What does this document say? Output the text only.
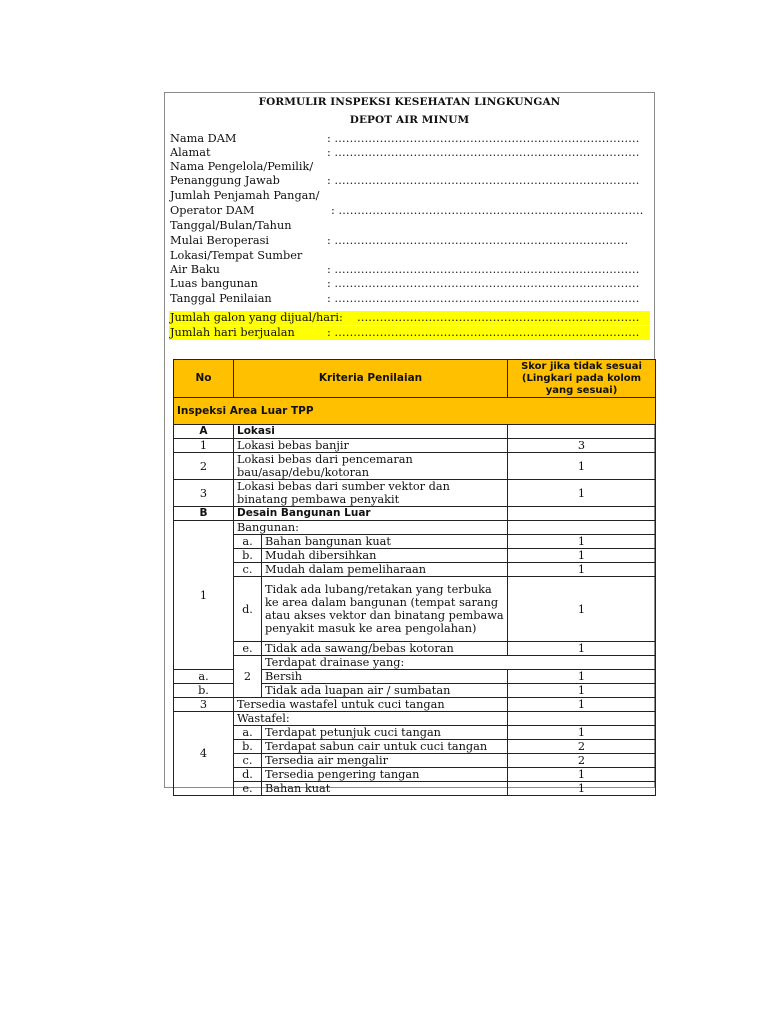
FORMULIR INSPEKSI KESEHATAN LINGKUNGAN
DEPOT AIR MINUM
Nama DAM	: ………………………………………………………………………
Alamat	: ………………………………………………………………………
Nama Pengelola/Pemilik/
Penanggung Jawab	: ………………………………………………………………………
Jumlah Penjamah Pangan/
Operator DAM	: ………………………………………………………………………
Tanggal/Bulan/Tahun
Mulai Beroperasi	: ……………………………………………………………………
Lokasi/Tempat Sumber
Air Baku	: ………………………………………………………………………
Luas bangunan	: ………………………………………………………………………
Tanggal Penilaian	: ………………………………………………………………………
Jumlah galon yang dijual/hari: …………………………………………………………………
Jumlah hari berjualan	: ………………………………………………………………………
No	Kriteria Penilaian		Skor jika tidak sesuai (Lingkari pada kolom yang sesuai)	
Inspeksi Area Luar TPP				
A	Lokasi			
1	Lokasi bebas banjir		3	
2	Lokasi bebas dari pencemaran bau/asap/debu/kotoran		1	
3	Lokasi bebas dari sumber vektor dan binatang pembawa penyakit		1	
B	Desain Bangunan Luar			
1	Bangunan:			
	a.	Bahan bangunan kuat	1	
	b.	Mudah dibersihkan	1	
	c.	Mudah dalam pemeliharaan	1	
	d.	Tidak ada lubang/retakan yang terbuka ke area dalam bangunan (tempat sarang atau akses vektor dan binatang pembawa penyakit masuk ke area pengolahan)	1	
	e.	Tidak ada sawang/bebas kotoran	1	
	2	Terdapat drainase yang:		
a.		Bersih	1	
b.		Tidak ada luapan air / sumbatan	1	
3	Tersedia wastafel untuk cuci tangan		1	
4	Wastafel:			
	a.	Terdapat petunjuk cuci tangan	1	
	b.	Terdapat sabun cair untuk cuci tangan	2	
	c.	Tersedia air mengalir	2	
	d.	Tersedia pengering tangan	1	
	e.	Bahan kuat	1	
